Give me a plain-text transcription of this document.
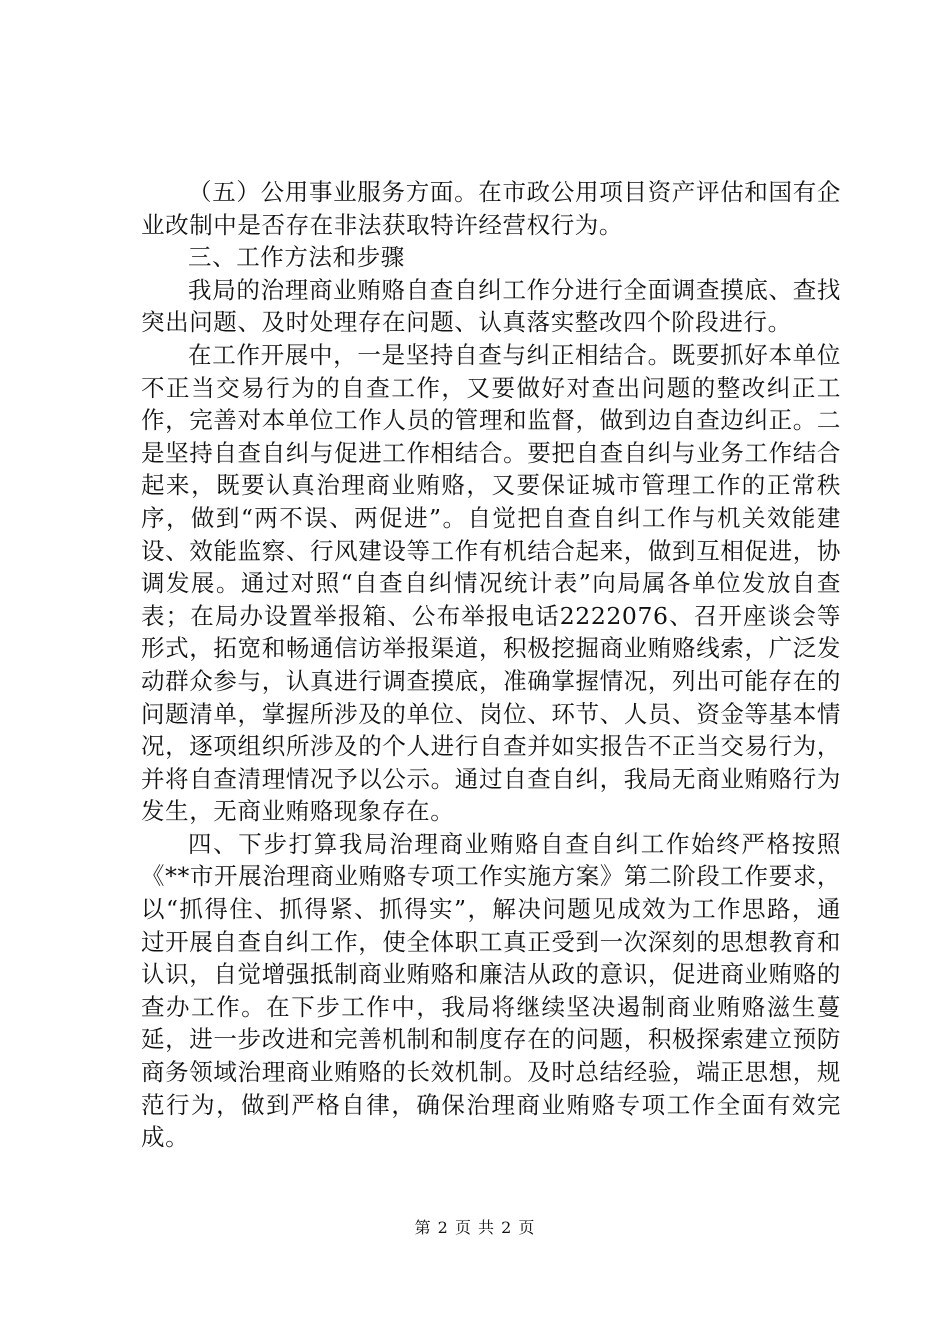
（五）公用事业服务方面。在市政公用项目资产评估和国有企业改制中是否存在非法获取特许经营权行为。

三、工作方法和步骤

我局的治理商业贿赂自查自纠工作分进行全面调查摸底、查找突出问题、及时处理存在问题、认真落实整改四个阶段进行。

在工作开展中，一是坚持自查与纠正相结合。既要抓好本单位不正当交易行为的自查工作，又要做好对查出问题的整改纠正工作，完善对本单位工作人员的管理和监督，做到边自查边纠正。二是坚持自查自纠与促进工作相结合。要把自查自纠与业务工作结合起来，既要认真治理商业贿赂，又要保证城市管理工作的正常秩序，做到“两不误、两促进”。自觉把自查自纠工作与机关效能建设、效能监察、行风建设等工作有机结合起来，做到互相促进，协调发展。通过对照“自查自纠情况统计表”向局属各单位发放自查表；在局办设置举报箱、公布举报电话2222076、召开座谈会等形式，拓宽和畅通信访举报渠道，积极挖掘商业贿赂线索，广泛发动群众参与，认真进行调查摸底，准确掌握情况，列出可能存在的问题清单，掌握所涉及的单位、岗位、环节、人员、资金等基本情况，逐项组织所涉及的个人进行自查并如实报告不正当交易行为，并将自查清理情况予以公示。通过自查自纠，我局无商业贿赂行为发生，无商业贿赂现象存在。

四、下步打算我局治理商业贿赂自查自纠工作始终严格按照《**市开展治理商业贿赂专项工作实施方案》第二阶段工作要求，以“抓得住、抓得紧、抓得实”，解决问题见成效为工作思路，通过开展自查自纠工作，使全体职工真正受到一次深刻的思想教育和认识，自觉增强抵制商业贿赂和廉洁从政的意识，促进商业贿赂的查办工作。在下步工作中，我局将继续坚决遏制商业贿赂滋生蔓延，进一步改进和完善机制和制度存在的问题，积极探索建立预防商务领域治理商业贿赂的长效机制。及时总结经验，端正思想，规范行为，做到严格自律，确保治理商业贿赂专项工作全面有效完成。

第 2 页 共 2 页
